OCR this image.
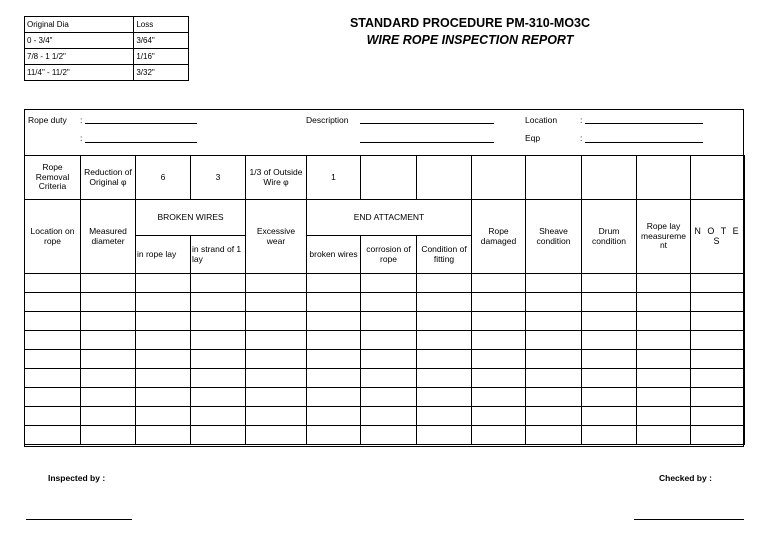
Original Dia	Loss
0 - 3/4"	3/64"
7/8 - 1 1/2"	1/16"
11/4" - 11/2"	3/32"
STANDARD PROCEDURE PM-310-MO3C
WIRE ROPE INSPECTION REPORT
Rope duty :
:
Description	Location	:
Eqp	:
Rope Removal Criteria	Reduction of Original φ	6	3	1/3 of Outside Wire φ	1							
Location on rope	Measured diameter	BROKEN WIRES		Excessive wear	END ATTACMENT			Rope damaged	Sheave condition	Drum condition	Rope lay measureme nt	N O T E S
		in rope lay	in strand of 1 lay		broken wires	corrosion of rope	Condition of fitting					

Inspected by :	Checked by :
